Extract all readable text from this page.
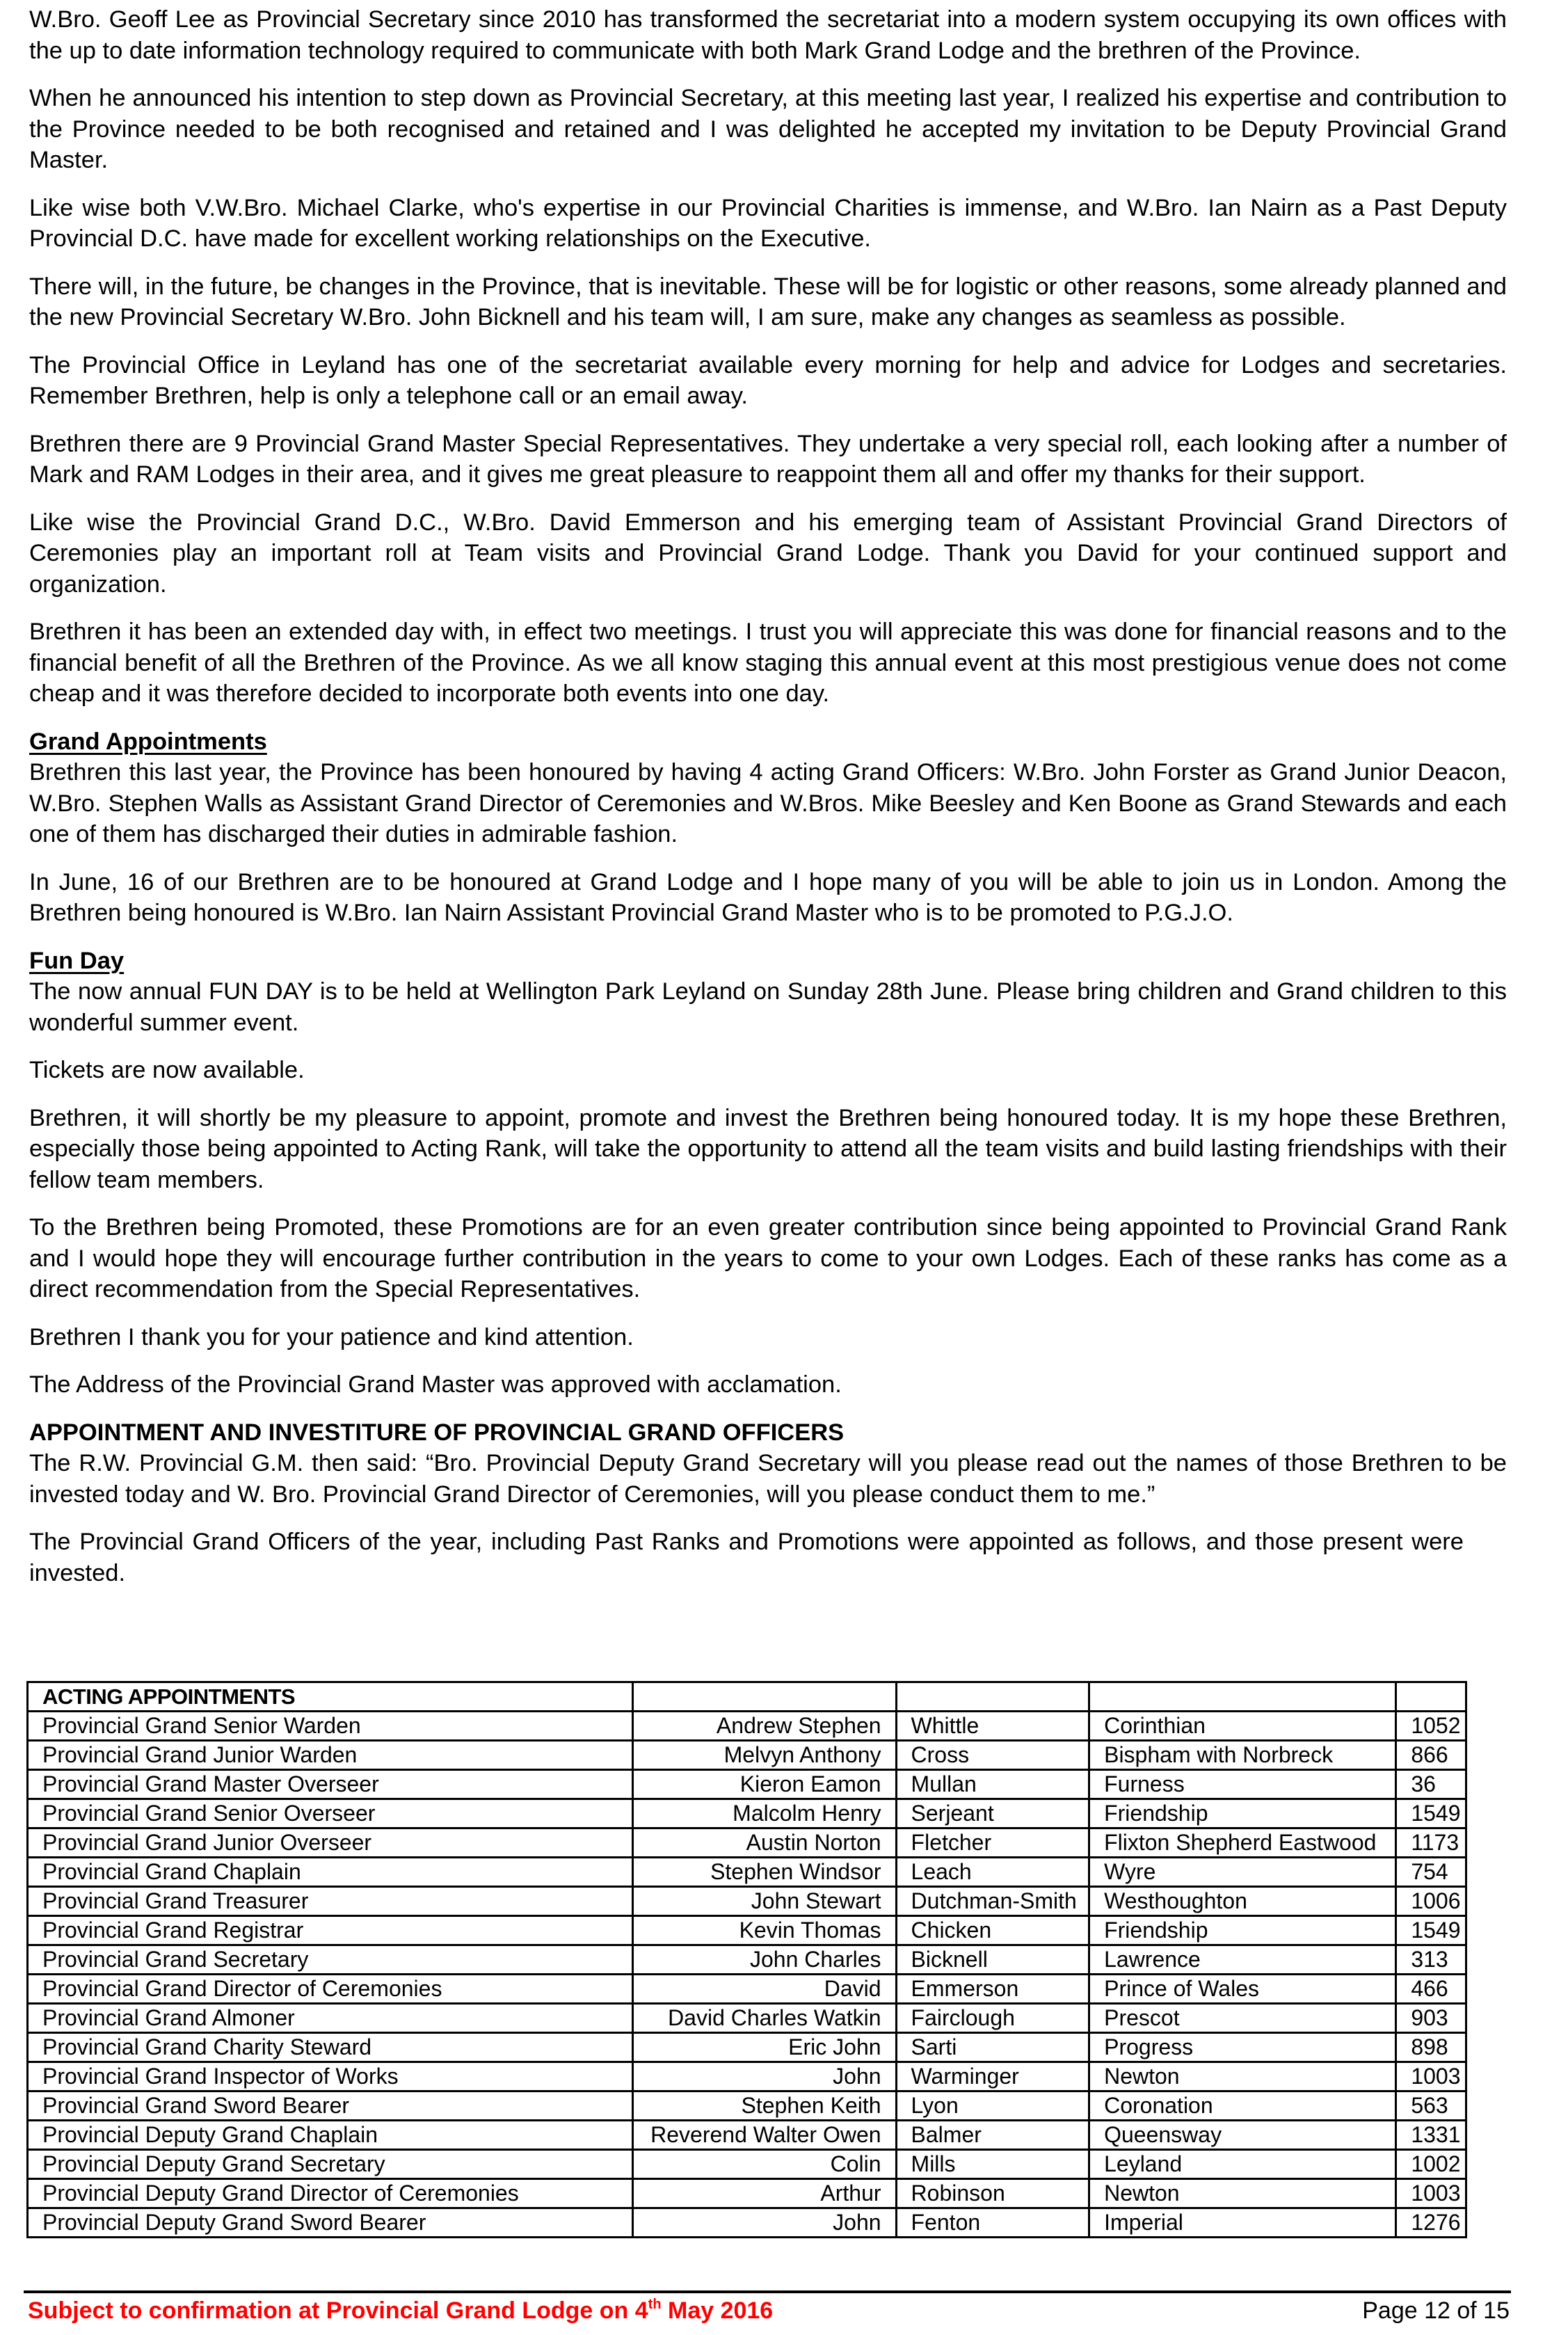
W.Bro. Geoff Lee as Provincial Secretary since 2010 has transformed the secretariat into a modern system occupying its own offices with the up to date information technology required to communicate with both Mark Grand Lodge and the brethren of the Province.

When he announced his intention to step down as Provincial Secretary, at this meeting last year, I realized his expertise and contribution to the Province needed to be both recognised and retained and I was delighted he accepted my invitation to be Deputy Provincial Grand Master.

Like wise both V.W.Bro. Michael Clarke, who's expertise in our Provincial Charities is immense, and W.Bro. Ian Nairn as a Past Deputy Provincial D.C. have made for excellent working relationships on the Executive.

There will, in the future, be changes in the Province, that is inevitable. These will be for logistic or other reasons, some already planned and the new Provincial Secretary W.Bro. John Bicknell and his team will, I am sure, make any changes as seamless as possible.

The Provincial Office in Leyland has one of the secretariat available every morning for help and advice for Lodges and secretaries. Remember Brethren, help is only a telephone call or an email away.

Brethren there are 9 Provincial Grand Master Special Representatives. They undertake a very special roll, each looking after a number of Mark and RAM Lodges in their area, and it gives me great pleasure to reappoint them all and offer my thanks for their support.

Like wise the Provincial Grand D.C., W.Bro. David Emmerson and his emerging team of Assistant Provincial Grand Directors of Ceremonies play an important roll at Team visits and Provincial Grand Lodge. Thank you David for your continued support and organization.

Brethren it has been an extended day with, in effect two meetings. I trust you will appreciate this was done for financial reasons and to the financial benefit of all the Brethren of the Province. As we all know staging this annual event at this most prestigious venue does not come cheap and it was therefore decided to incorporate both events into one day.

Grand Appointments

Brethren this last year, the Province has been honoured by having 4 acting Grand Officers: W.Bro. John Forster as Grand Junior Deacon, W.Bro. Stephen Walls as Assistant Grand Director of Ceremonies and W.Bros. Mike Beesley and Ken Boone as Grand Stewards and each one of them has discharged their duties in admirable fashion.

In June, 16 of our Brethren are to be honoured at Grand Lodge and I hope many of you will be able to join us in London. Among the Brethren being honoured is W.Bro. Ian Nairn Assistant Provincial Grand Master who is to be promoted to P.G.J.O.

Fun Day

The now annual FUN DAY is to be held at Wellington Park Leyland on Sunday 28th June. Please bring children and Grand children to this wonderful summer event.

Tickets are now available.

Brethren, it will shortly be my pleasure to appoint, promote and invest the Brethren being honoured today. It is my hope these Brethren, especially those being appointed to Acting Rank, will take the opportunity to attend all the team visits and build lasting friendships with their fellow team members.

To the Brethren being Promoted, these Promotions are for an even greater contribution since being appointed to Provincial Grand Rank and I would hope they will encourage further contribution in the years to come to your own Lodges. Each of these ranks has come as a direct recommendation from the Special Representatives.

Brethren I thank you for your patience and kind attention.

The Address of the Provincial Grand Master was approved with acclamation.

APPOINTMENT AND INVESTITURE OF PROVINCIAL GRAND OFFICERS

The R.W. Provincial G.M. then said: “Bro. Provincial Deputy Grand Secretary will you please read out the names of those Brethren to be invested today and W. Bro. Provincial Grand Director of Ceremonies, will you please conduct them to me.”

The Provincial Grand Officers of the year, including Past Ranks and Promotions were appointed as follows, and those present were invested.

ACTING APPOINTMENTS				
Provincial Grand Senior Warden	Andrew Stephen	Whittle	Corinthian	1052
Provincial Grand Junior Warden	Melvyn Anthony	Cross	Bispham with Norbreck	866
Provincial Grand Master Overseer	Kieron Eamon	Mullan	Furness	36
Provincial Grand Senior Overseer	Malcolm Henry	Serjeant	Friendship	1549
Provincial Grand Junior Overseer	Austin Norton	Fletcher	Flixton Shepherd Eastwood	1173
Provincial Grand Chaplain	Stephen Windsor	Leach	Wyre	754
Provincial Grand Treasurer	John Stewart	Dutchman-Smith	Westhoughton	1006
Provincial Grand Registrar	Kevin Thomas	Chicken	Friendship	1549
Provincial Grand Secretary	John Charles	Bicknell	Lawrence	313
Provincial Grand Director of Ceremonies	David	Emmerson	Prince of Wales	466
Provincial Grand Almoner	David Charles Watkin	Fairclough	Prescot	903
Provincial Grand Charity Steward	Eric John	Sarti	Progress	898
Provincial Grand Inspector of Works	John	Warminger	Newton	1003
Provincial Grand Sword Bearer	Stephen Keith	Lyon	Coronation	563
Provincial Deputy Grand Chaplain	Reverend Walter Owen	Balmer	Queensway	1331
Provincial Deputy Grand Secretary	Colin	Mills	Leyland	1002
Provincial Deputy Grand Director of Ceremonies	Arthur	Robinson	Newton	1003
Provincial Deputy Grand Sword Bearer	John	Fenton	Imperial	1276
Subject to confirmation at Provincial Grand Lodge on 4th May 2016	Page 12 of 15
